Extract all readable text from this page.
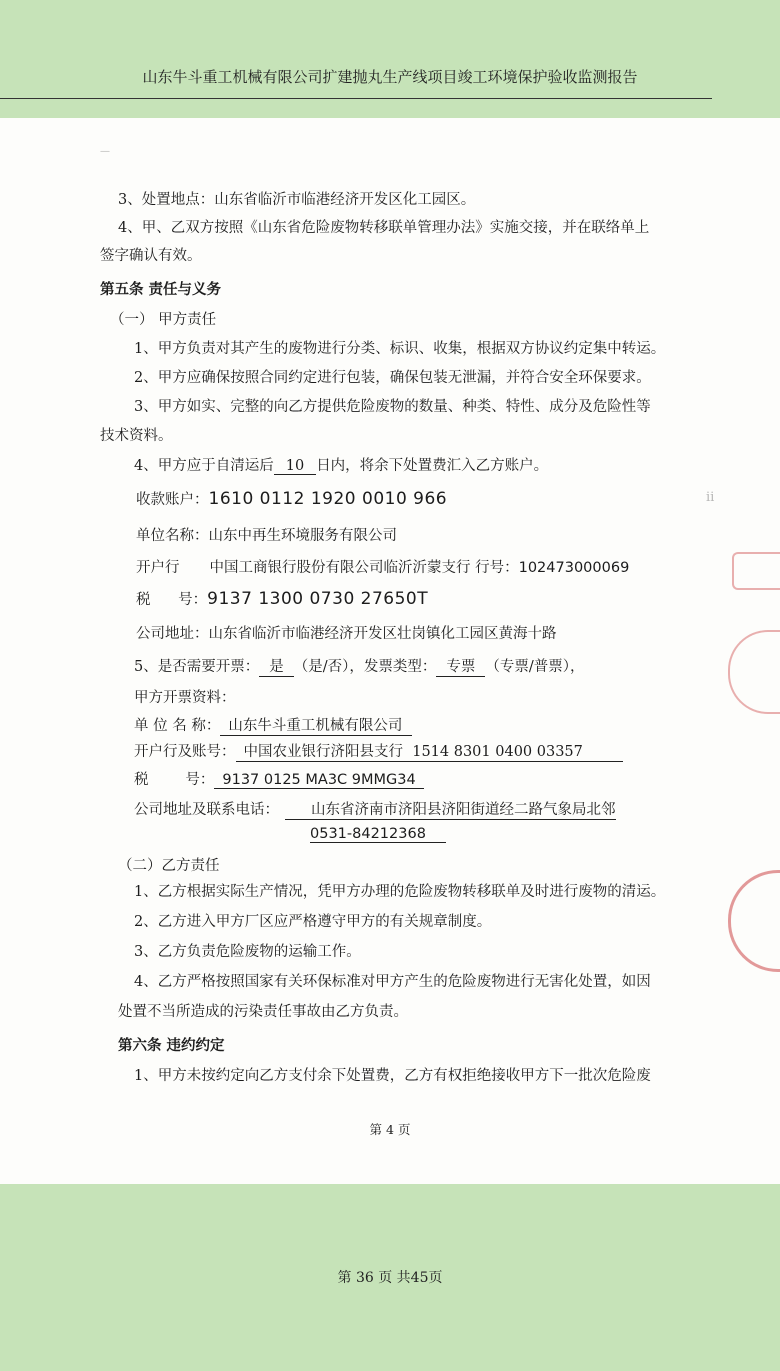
山东牛斗重工机械有限公司扩建抛丸生产线项目竣工环境保护验收监测报告
3、处置地点：山东省临沂市临港经济开发区化工园区。
4、甲、乙双方按照《山东省危险废物转移联单管理办法》实施交接，并在联络单上
签字确认有效。
第五条 责任与义务
（一） 甲方责任
1、甲方负责对其产生的废物进行分类、标识、收集，根据双方协议约定集中转运。
2、甲方应确保按照合同约定进行包装，确保包装无泄漏，并符合安全环保要求。
3、甲方如实、完整的向乙方提供危险废物的数量、种类、特性、成分及危险性等
技术资料。
4、甲方应于自清运后 10 日内，将余下处置费汇入乙方账户。
收款账户：1610 0112 1920 0010 966
单位名称：山东中再生环境服务有限公司
开户行 中国工商银行股份有限公司临沂沂蒙支行 行号：102473000069
税      号：9137 1300 0730 27650T
公司地址：山东省临沂市临港经济开发区壮岗镇化工园区黄海十路
5、是否需要开票： 是 （是/否），发票类型： 专票 （专票/普票），
甲方开票资料：
单 位 名 称： 山东牛斗重工机械有限公司
开户行及账号： 中国农业银行济阳县支行  1514 8301 0400 03357
税        号： 9137 0125 MA3C 9MMG34
公司地址及联系电话： 山东省济南市济阳县济阳街道经二路气象局北邻
0531-84212368
（二）乙方责任
1、乙方根据实际生产情况，凭甲方办理的危险废物转移联单及时进行废物的清运。
2、乙方进入甲方厂区应严格遵守甲方的有关规章制度。
3、乙方负责危险废物的运输工作。
4、乙方严格按照国家有关环保标准对甲方产生的危险废物进行无害化处置，如因
处置不当所造成的污染责任事故由乙方负责。
第六条 违约约定
1、甲方未按约定向乙方支付余下处置费，乙方有权拒绝接收甲方下一批次危险废
第 4 页
ⅱ
—
第 36 页 共45页
